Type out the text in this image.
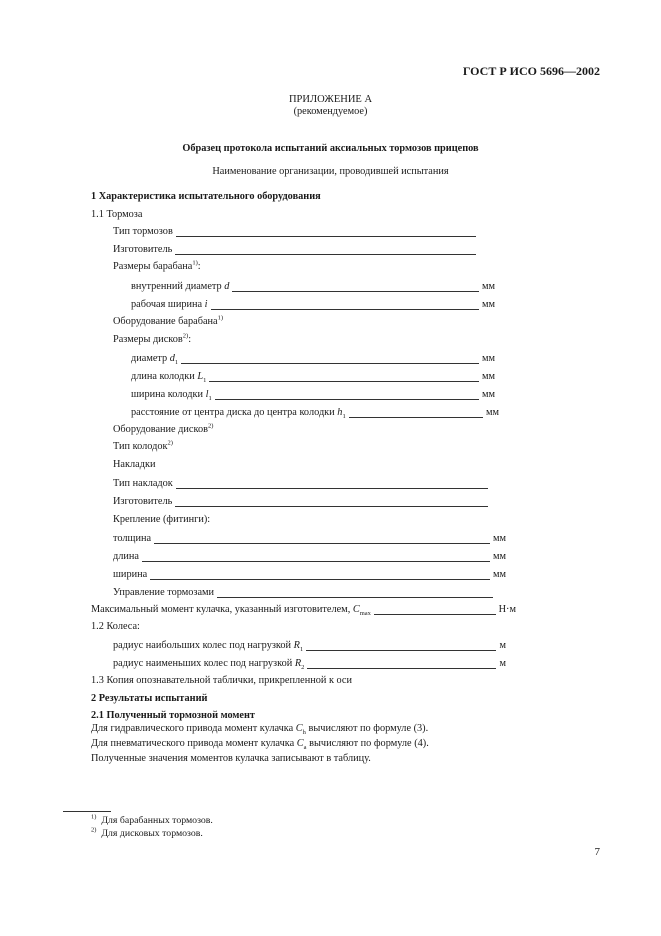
ГОСТ Р ИСО 5696—2002
ПРИЛОЖЕНИЕ А
(рекомендуемое)
Образец протокола испытаний аксиальных тормозов прицепов
Наименование организации, проводившей испытания
1 Характеристика испытательного оборудования
1.1 Тормоза
Тип тормозов
Изготовитель
Размеры барабана$^{1)}$:
внутренний диаметр d	мм
рабочая ширина i	мм
Оборудование барабана$^{1)}$
Размеры дисков$^{2)}$:
диаметр $d_1$	мм
длина колодки $L_1$	мм
ширина колодки $l_1$	мм
расстояние от центра диска до центра колодки $h_1$	мм
Оборудование дисков$^{2)}$
Тип колодок$^{2)}$
Накладки
Тип накладок
Изготовитель
Крепление (фитинги):
толщина	мм
длина	мм
ширина	мм
Управление тормозами
Максимальный момент кулачка, указанный изготовителем, $C_{max}$	Н·м
1.2 Колеса:
радиус наибольших колес под нагрузкой $R_1$	м
радиус наименьших колес под нагрузкой $R_2$	м
1.3 Копия опознавательной таблички, прикрепленной к оси
2 Результаты испытаний
2.1 Полученный тормозной момент
Для гидравлического привода момент кулачка $C_h$ вычисляют по формуле (3).
Для пневматического привода момент кулачка $C_a$ вычисляют по формуле (4).
Полученные значения моментов кулачка записывают в таблицу.
$^{1)}$ Для барабанных тормозов.
$^{2)}$ Для дисковых тормозов.
7
